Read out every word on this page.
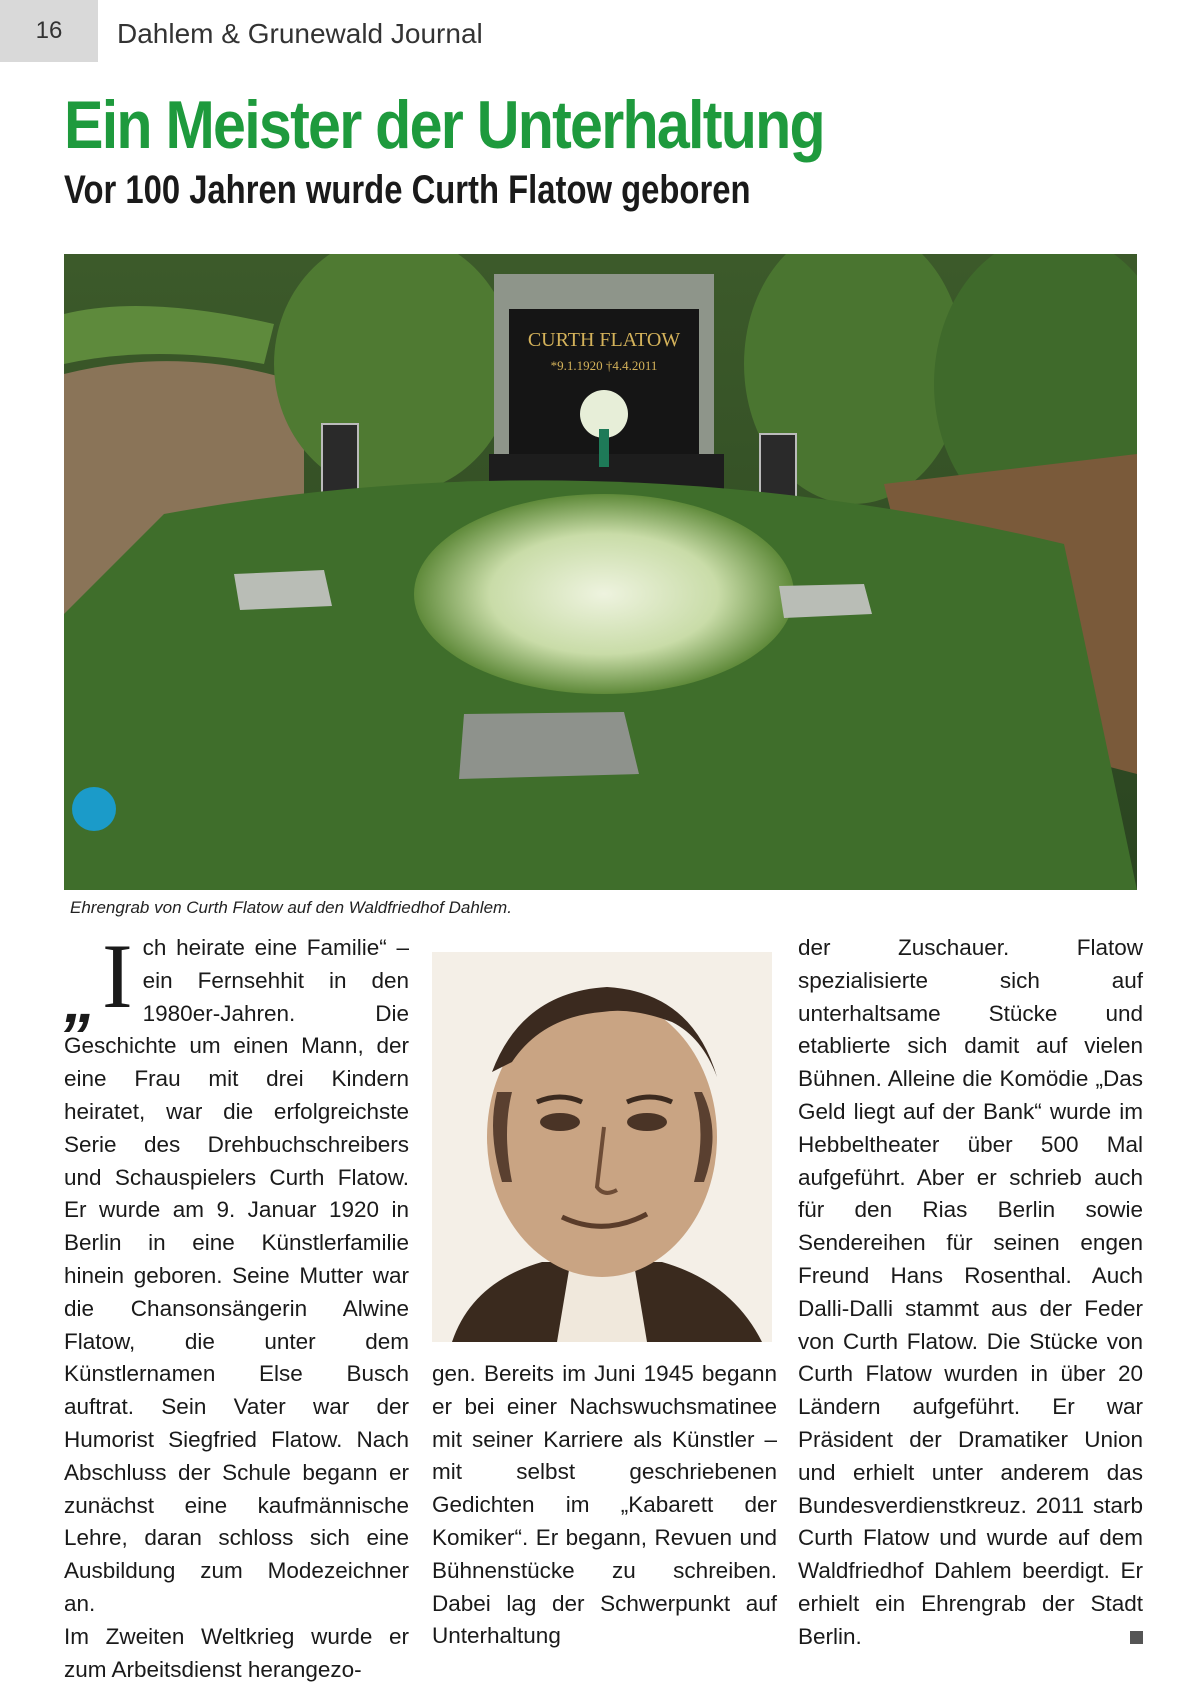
16	Dahlem & Grunewald Journal
Ein Meister der Unterhaltung
Vor 100 Jahren wurde Curth Flatow geboren
CURTH FLATOW
*9.1.1920 †4.4.2011
Ehrengrab von Curth Flatow auf den Waldfriedhof Dahlem.
„ I ch heirate eine Familie“ – ein Fernsehhit in den 1980er-Jahren. Die Geschichte um einen Mann, der eine Frau mit drei Kindern heiratet, war die erfolgreichste Serie des Drehbuchschreibers und Schauspielers Curth Flatow. Er wurde am 9. Januar 1920 in Berlin in eine Künstlerfamilie hinein geboren. Seine Mutter war die Chansonsängerin Alwine Flatow, die unter dem Künstlernamen Else Busch auftrat. Sein Vater war der Humorist Siegfried Flatow. Nach Abschluss der Schule begann er zunächst eine kaufmännische Lehre, daran schloss sich eine Ausbildung zum Modezeichner an.

Im Zweiten Weltkrieg wurde er zum Arbeitsdienst herangezo-

gen. Bereits im Juni 1945 begann er bei einer Nachswuchsmatinee mit seiner Karriere als Künstler – mit selbst geschriebenen Gedichten im „Kabarett der Komiker“. Er begann, Revuen und Bühnenstücke zu schreiben. Dabei lag der Schwerpunkt auf Unterhaltung

der Zuschauer. Flatow spezialisierte sich auf unterhaltsame Stücke und etablierte sich damit auf vielen Bühnen. Alleine die Komödie „Das Geld liegt auf der Bank“ wurde im Hebbeltheater über 500 Mal aufgeführt. Aber er schrieb auch für den Rias Berlin sowie Sendereihen für seinen engen Freund Hans Rosenthal. Auch Dalli-Dalli stammt aus der Feder von Curth Flatow. Die Stücke von Curth Flatow wurden in über 20 Ländern aufgeführt. Er war Präsident der Dramatiker Union und erhielt unter anderem das Bundesverdienstkreuz. 2011 starb Curth Flatow und wurde auf dem Waldfriedhof Dahlem beerdigt. Er erhielt ein Ehrengrab der Stadt Berlin.
